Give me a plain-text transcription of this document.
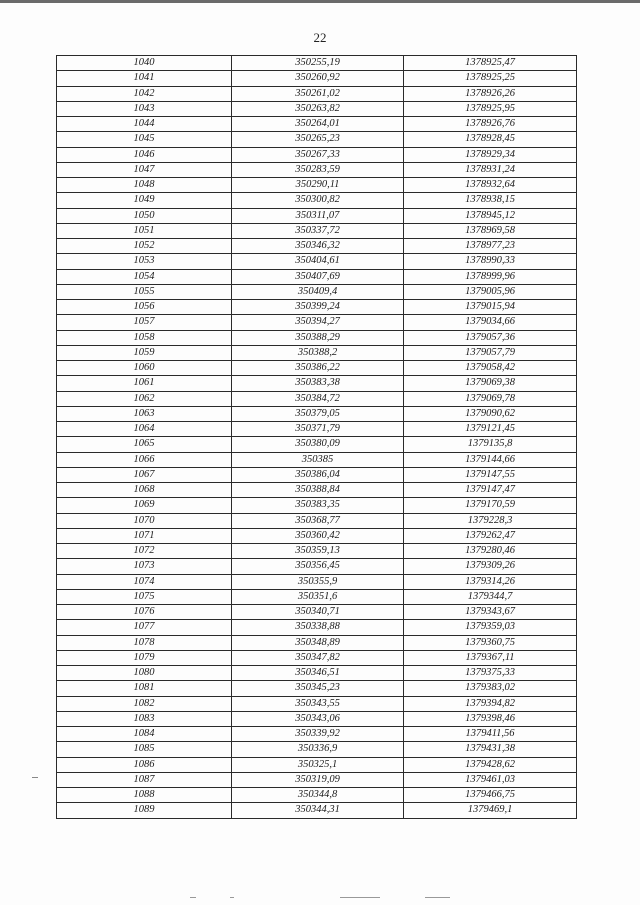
22
1040	350255,19	1378925,47
1041	350260,92	1378925,25
1042	350261,02	1378926,26
1043	350263,82	1378925,95
1044	350264,01	1378926,76
1045	350265,23	1378928,45
1046	350267,33	1378929,34
1047	350283,59	1378931,24
1048	350290,11	1378932,64
1049	350300,82	1378938,15
1050	350311,07	1378945,12
1051	350337,72	1378969,58
1052	350346,32	1378977,23
1053	350404,61	1378990,33
1054	350407,69	1378999,96
1055	350409,4	1379005,96
1056	350399,24	1379015,94
1057	350394,27	1379034,66
1058	350388,29	1379057,36
1059	350388,2	1379057,79
1060	350386,22	1379058,42
1061	350383,38	1379069,38
1062	350384,72	1379069,78
1063	350379,05	1379090,62
1064	350371,79	1379121,45
1065	350380,09	1379135,8
1066	350385	1379144,66
1067	350386,04	1379147,55
1068	350388,84	1379147,47
1069	350383,35	1379170,59
1070	350368,77	1379228,3
1071	350360,42	1379262,47
1072	350359,13	1379280,46
1073	350356,45	1379309,26
1074	350355,9	1379314,26
1075	350351,6	1379344,7
1076	350340,71	1379343,67
1077	350338,88	1379359,03
1078	350348,89	1379360,75
1079	350347,82	1379367,11
1080	350346,51	1379375,33
1081	350345,23	1379383,02
1082	350343,55	1379394,82
1083	350343,06	1379398,46
1084	350339,92	1379411,56
1085	350336,9	1379431,38
1086	350325,1	1379428,62
1087	350319,09	1379461,03
1088	350344,8	1379466,75
1089	350344,31	1379469,1
